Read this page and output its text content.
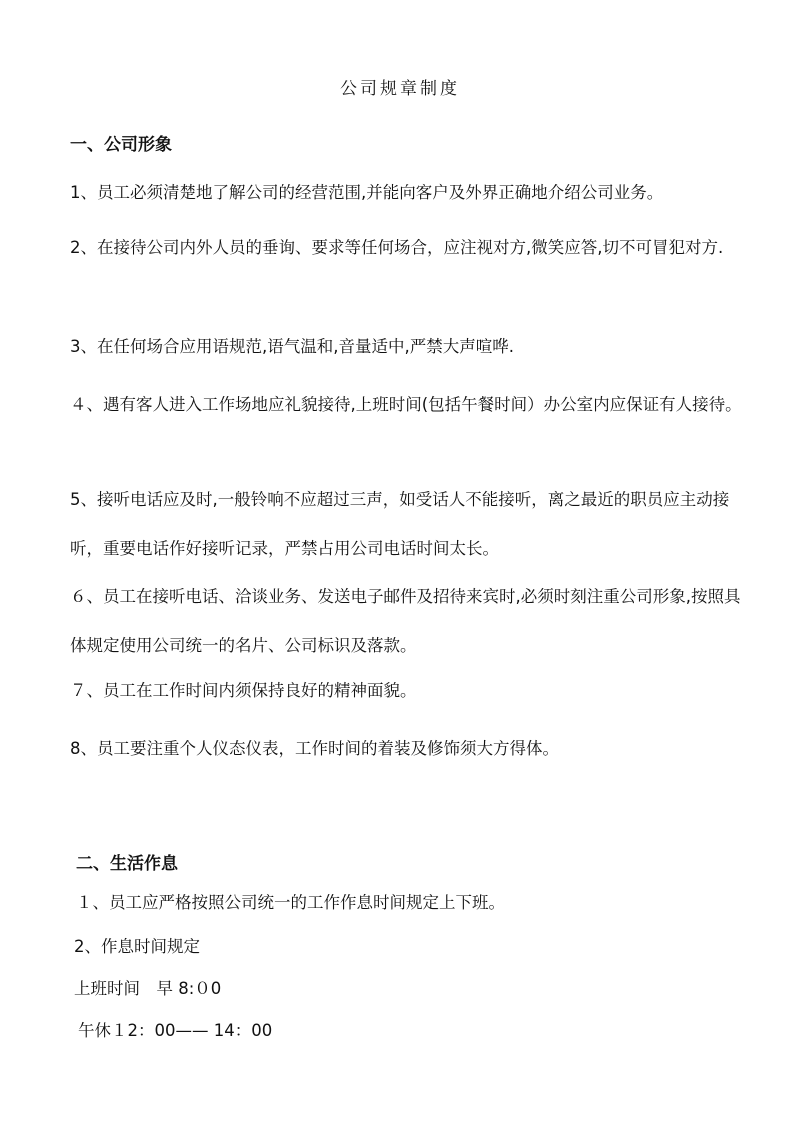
公司规章制度
一、公司形象

1、员工必须清楚地了解公司的经营范围,并能向客户及外界正确地介绍公司业务。

2、在接待公司内外人员的垂询、要求等任何场合，应注视对方,微笑应答,切不可冒犯对方.

3、在任何场合应用语规范,语气温和,音量适中,严禁大声喧哗.

４、遇有客人进入工作场地应礼貌接待,上班时间(包括午餐时间）办公室内应保证有人接待。

5、接听电话应及时,一般铃响不应超过三声，如受话人不能接听，离之最近的职员应主动接听，重要电话作好接听记录，严禁占用公司电话时间太长。

６、员工在接听电话、洽谈业务、发送电子邮件及招待来宾时,必须时刻注重公司形象,按照具体规定使用公司统一的名片、公司标识及落款。

７、员工在工作时间内须保持良好的精神面貌。

8、员工要注重个人仪态仪表，工作时间的着装及修饰须大方得体。

二、生活作息
１、员工应严格按照公司统一的工作作息时间规定上下班。
2、作息时间规定
上班时间　早 8:０0
午休１2：00—— 14：00
